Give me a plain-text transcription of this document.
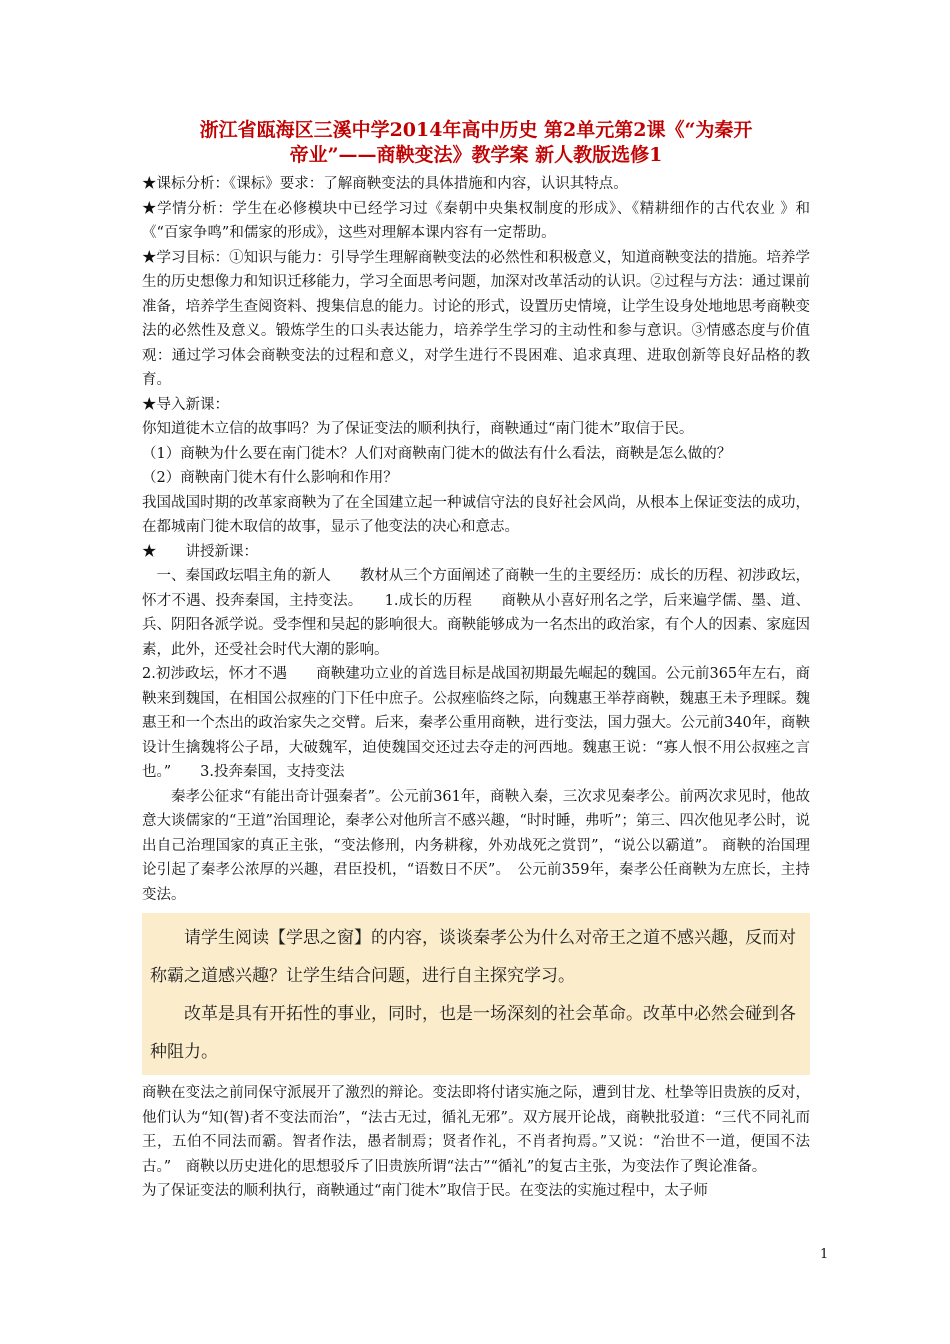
浙江省瓯海区三溪中学2014年高中历史 第2单元第2课《“为秦开
帝业”——商鞅变法》教学案 新人教版选修1

★课标分析：《课标》要求：了解商鞅变法的具体措施和内容，认识其特点。

★学情分析：学生在必修模块中已经学习过《秦朝中央集权制度的形成》、《精耕细作的古代农业 》和《“百家争鸣”和儒家的形成》，这些对理解本课内容有一定帮助。

★学习目标：①知识与能力：引导学生理解商鞅变法的必然性和积极意义，知道商鞅变法的措施。培养学生的历史想像力和知识迁移能力，学习全面思考问题，加深对改革活动的认识。②过程与方法：通过课前准备，培养学生查阅资料、搜集信息的能力。讨论的形式，设置历史情境，让学生设身处地地思考商鞅变法的必然性及意义。锻炼学生的口头表达能力，培养学生学习的主动性和参与意识。③情感态度与价值观：通过学习体会商鞅变法的过程和意义，对学生进行不畏困难、追求真理、进取创新等良好品格的教育。

★导入新课：

你知道徙木立信的故事吗？为了保证变法的顺利执行，商鞅通过“南门徙木”取信于民。

（1）商鞅为什么要在南门徙木？人们对商鞅南门徙木的做法有什么看法，商鞅是怎么做的？

（2）商鞅南门徙木有什么影响和作用？

我国战国时期的改革家商鞅为了在全国建立起一种诚信守法的良好社会风尚，从根本上保证变法的成功，在都城南门徙木取信的故事，显示了他变法的决心和意志。

★　　讲授新课：

一、秦国政坛唱主角的新人　　教材从三个方面阐述了商鞅一生的主要经历：成长的历程、初涉政坛，怀才不遇、投奔秦国，主持变法。　　1.成长的历程　　商鞅从小喜好刑名之学，后来遍学儒、墨、道、兵、阴阳各派学说。受李悝和吴起的影响很大。商鞅能够成为一名杰出的政治家，有个人的因素、家庭因素，此外，还受社会时代大潮的影响。

2.初涉政坛，怀才不遇　　商鞅建功立业的首选目标是战国初期最先崛起的魏国。公元前365年左右，商鞅来到魏国，在相国公叔痤的门下任中庶子。公叔痤临终之际，向魏惠王举荐商鞅，魏惠王未予理睬。魏惠王和一个杰出的政治家失之交臂。后来，秦孝公重用商鞅，进行变法，国力强大。公元前340年，商鞅设计生擒魏将公子昂，大破魏军，迫使魏国交还过去夺走的河西地。魏惠王说：“寡人恨不用公叔痤之言也。”　　3.投奔秦国，支持变法

秦孝公征求“有能出奇计强秦者”。公元前361年，商鞅入秦，三次求见秦孝公。前两次求见时，他故意大谈儒家的“王道”治国理论，秦孝公对他所言不感兴趣，“时时睡，弗听”；第三、四次他见孝公时，说出自己治理国家的真正主张，“变法修刑，内务耕稼，外劝战死之赏罚”，“说公以霸道”。 商鞅的治国理论引起了秦孝公浓厚的兴趣，君臣投机，“语数日不厌”。　公元前359年，秦孝公任商鞅为左庶长，主持变法。

请学生阅读【学思之窗】的内容，谈谈秦孝公为什么对帝王之道不感兴趣，反而对称霸之道感兴趣？让学生结合问题，进行自主探究学习。

改革是具有开拓性的事业，同时，也是一场深刻的社会革命。改革中必然会碰到各种阻力。

商鞅在变法之前同保守派展开了激烈的辩论。变法即将付诸实施之际，遭到甘龙、杜挚等旧贵族的反对，他们认为“知(智)者不变法而治”，“法古无过，循礼无邪”。双方展开论战，商鞅批驳道：“三代不同礼而王，五伯不同法而霸。智者作法，愚者制焉；贤者作礼，不肖者拘焉。”又说：“治世不一道，便国不法古。”　商鞅以历史进化的思想驳斥了旧贵族所谓“法古”“循礼”的复古主张，为变法作了舆论准备。

为了保证变法的顺利执行，商鞅通过“南门徙木”取信于民。在变法的实施过程中，太子师

1
